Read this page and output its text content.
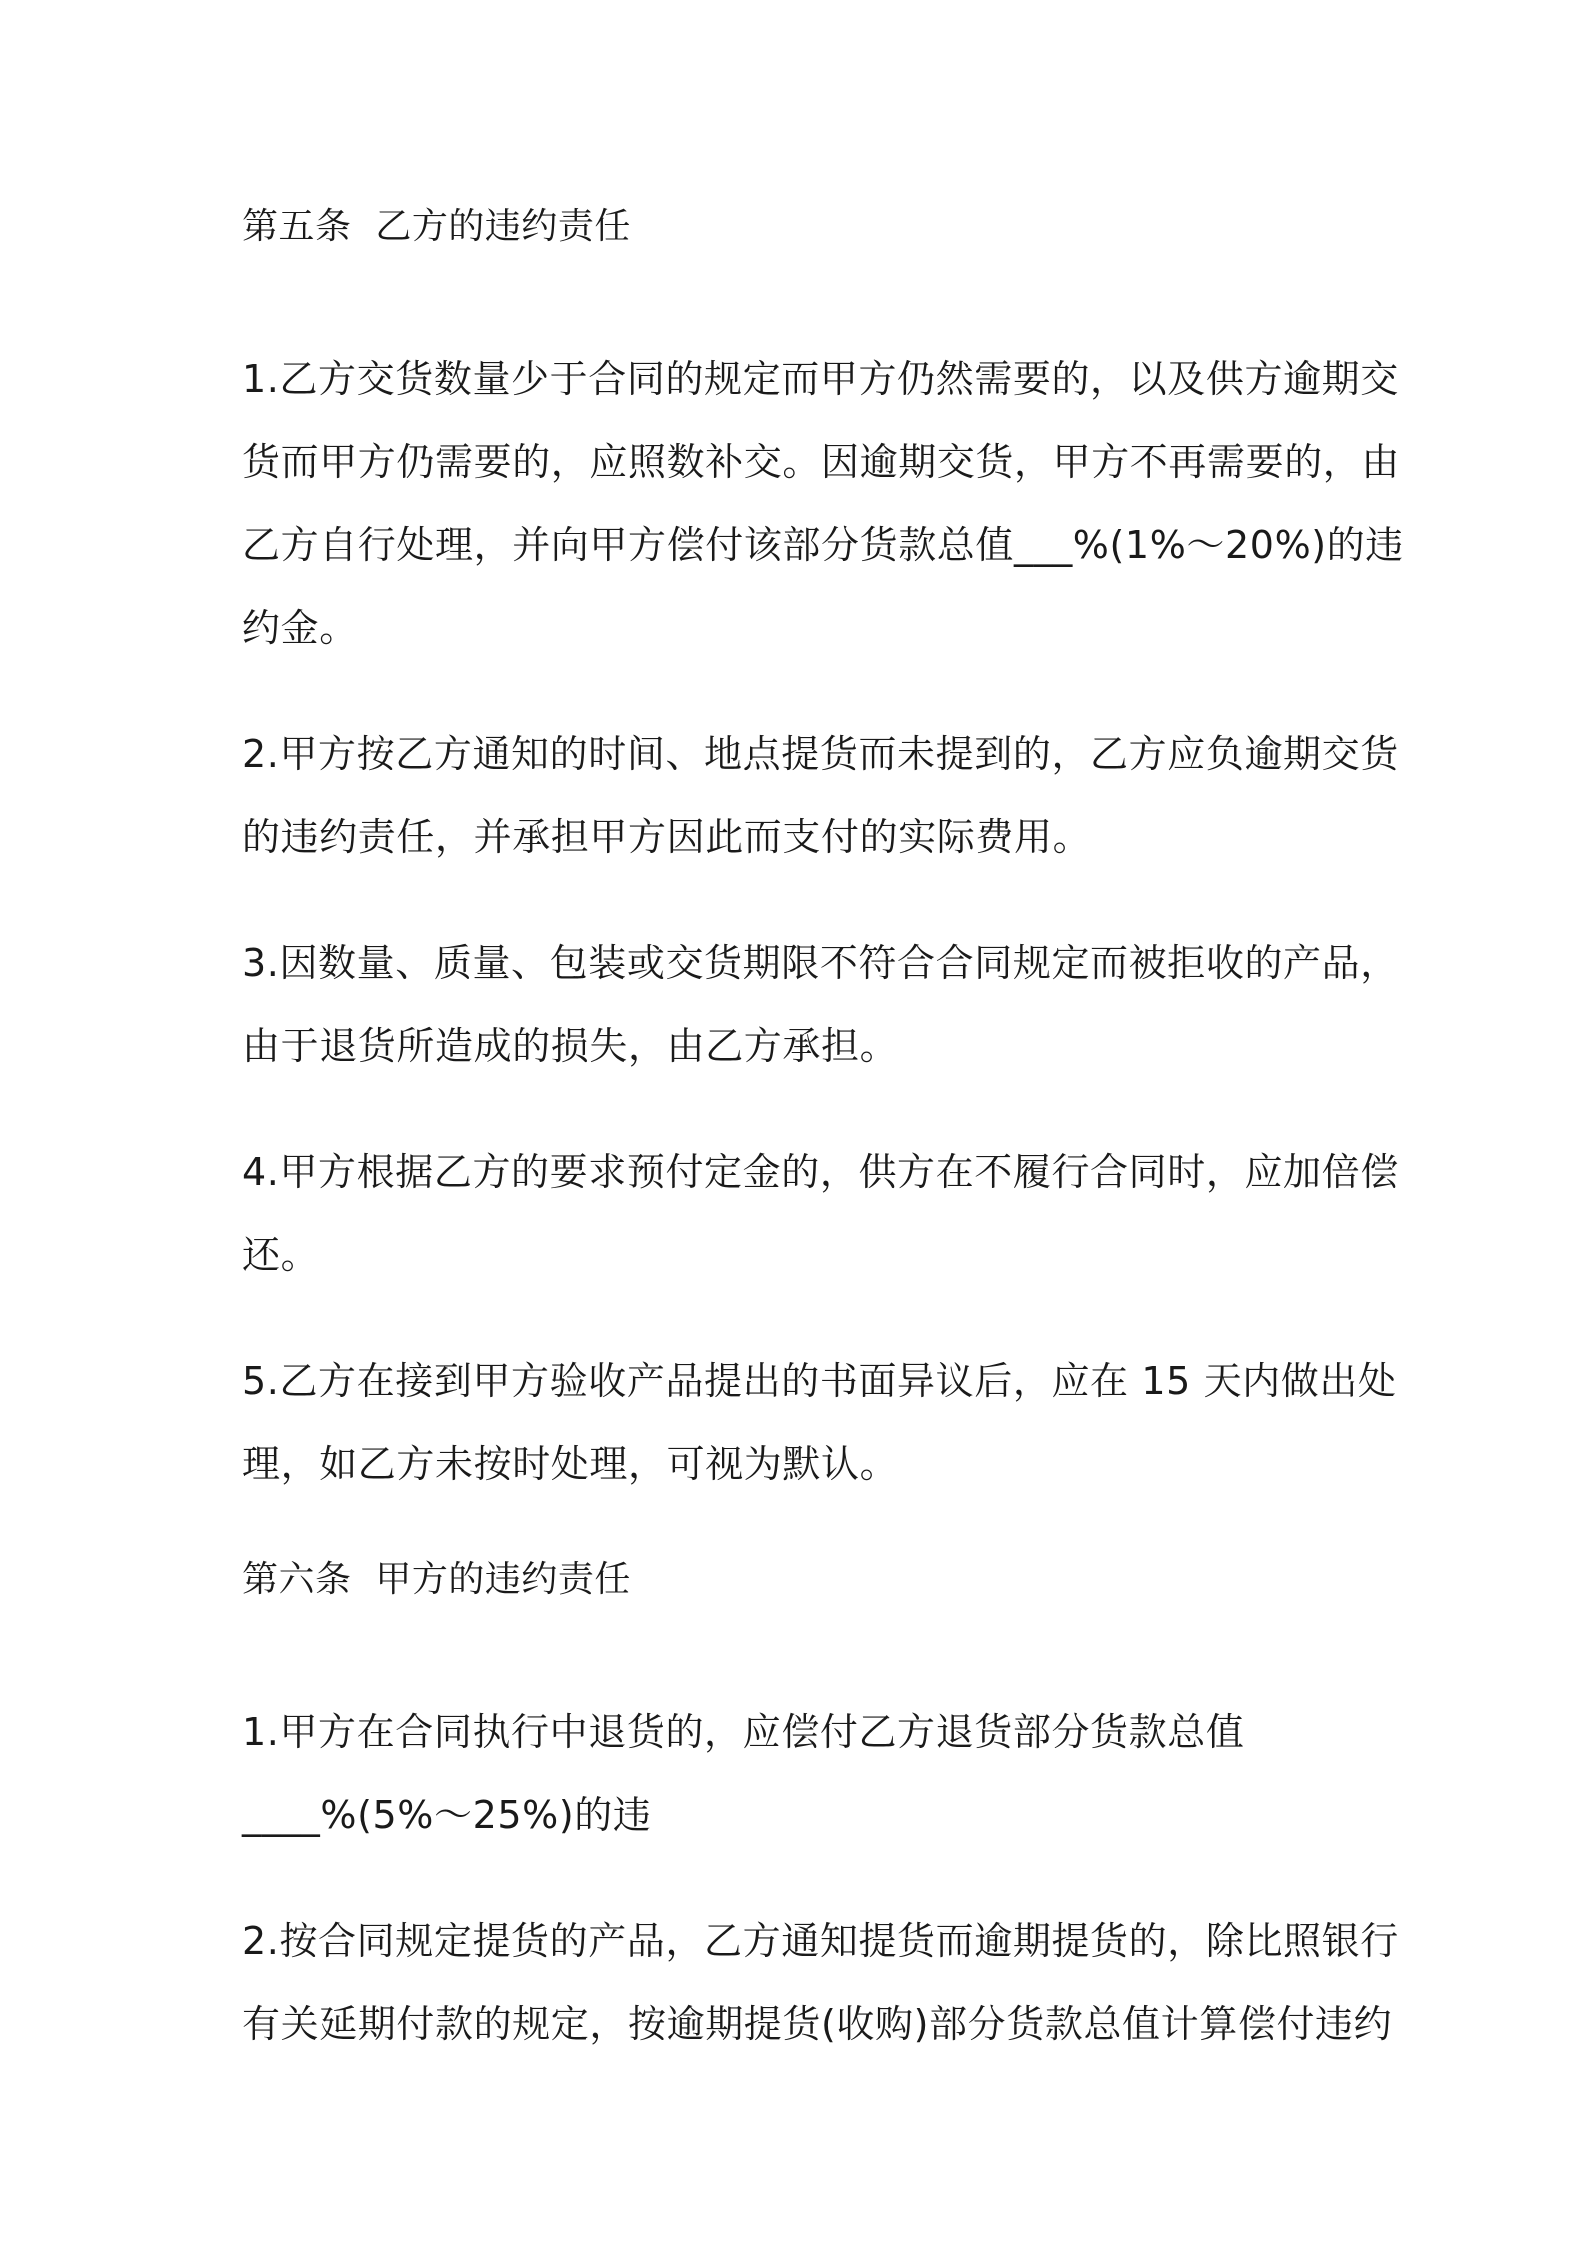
第五条  乙方的违约责任
1.乙方交货数量少于合同的规定而甲方仍然需要的，以及供方逾期交
货而甲方仍需要的，应照数补交。因逾期交货，甲方不再需要的，由
乙方自行处理，并向甲方偿付该部分货款总值___%(1%～20%)的违
约金。
2.甲方按乙方通知的时间、地点提货而未提到的，乙方应负逾期交货
的违约责任，并承担甲方因此而支付的实际费用。
3.因数量、质量、包装或交货期限不符合合同规定而被拒收的产品，
由于退货所造成的损失，由乙方承担。
4.甲方根据乙方的要求预付定金的，供方在不履行合同时，应加倍偿
还。
5.乙方在接到甲方验收产品提出的书面异议后，应在 15 天内做出处
理，如乙方未按时处理，可视为默认。
第六条  甲方的违约责任
1.甲方在合同执行中退货的，应偿付乙方退货部分货款总值
____%(5%～25%)的违
2.按合同规定提货的产品，乙方通知提货而逾期提货的，除比照银行
有关延期付款的规定，按逾期提货(收购)部分货款总值计算偿付违约
